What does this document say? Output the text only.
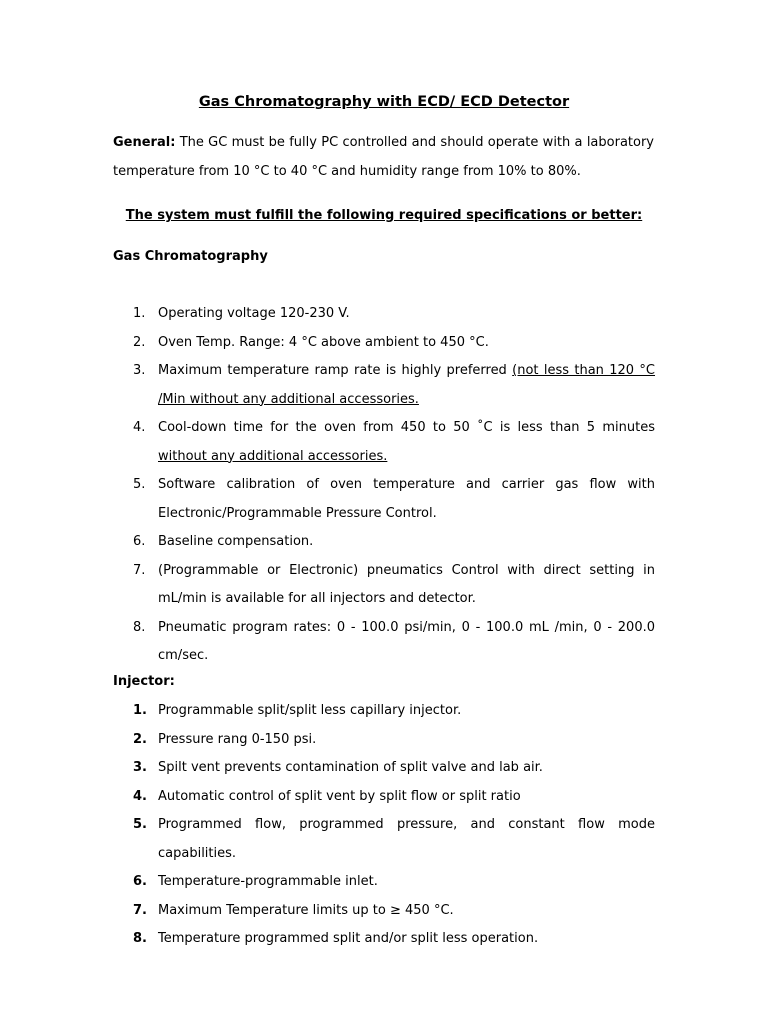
Gas Chromatography with ECD/ ECD Detector
General: The GC must be fully PC controlled and should operate with a laboratory temperature from 10 °C to 40 °C and humidity range from 10% to 80%.
The system must fulfill the following required specifications or better:
Gas Chromatography
1. Operating voltage 120-230 V.
2. Oven Temp. Range: 4 °C above ambient to 450 °C.
3. Maximum temperature ramp rate is highly preferred (not less than 120 °C /Min without any additional accessories.
4. Cool-down time for the oven from 450 to 50 ˚C is less than 5 minutes without any additional accessories.
5. Software calibration of oven temperature and carrier gas flow with Electronic/Programmable Pressure Control.
6. Baseline compensation.
7. (Programmable or Electronic) pneumatics Control with direct setting in mL/min is available for all injectors and detector.
8. Pneumatic program rates: 0 - 100.0 psi/min, 0 - 100.0 mL /min, 0 - 200.0 cm/sec.
Injector:
1. Programmable split/split less capillary injector.
2. Pressure rang 0-150 psi.
3. Spilt vent prevents contamination of split valve and lab air.
4. Automatic control of split vent by split flow or split ratio
5. Programmed flow, programmed pressure, and constant flow mode capabilities.
6. Temperature-programmable inlet.
7. Maximum Temperature limits up to ≥ 450 °C.
8. Temperature programmed split and/or split less operation.
